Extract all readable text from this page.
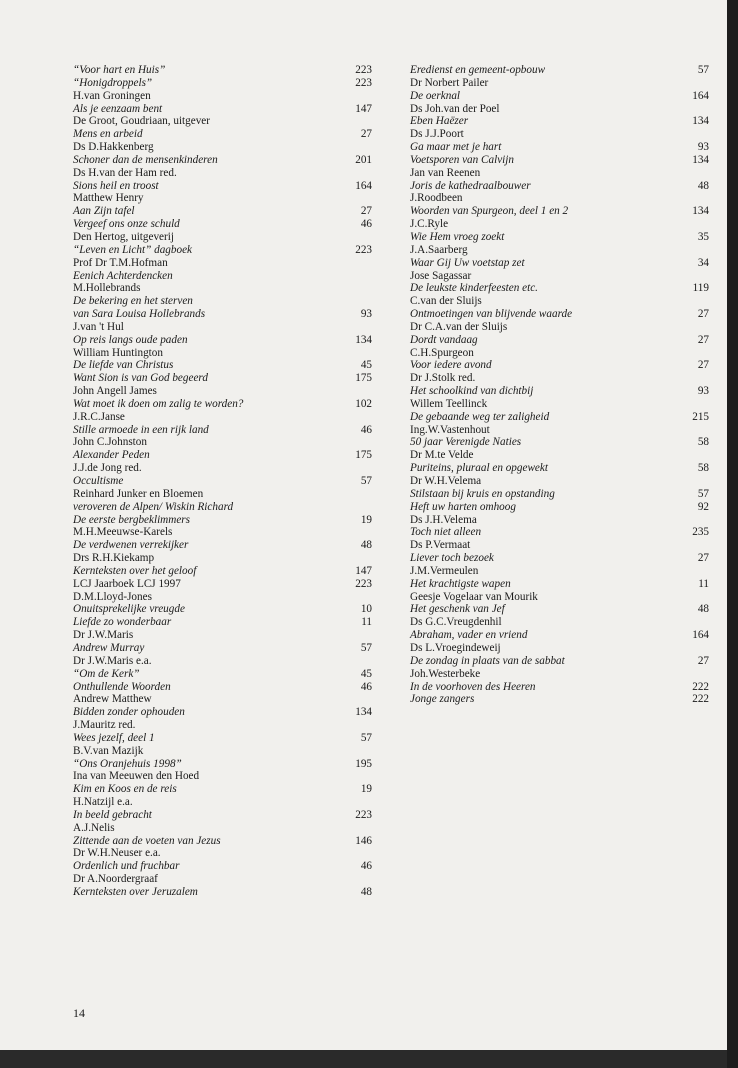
“Voor hart en Huis”	223
“Honigdroppels”	223
H.van Groningen
Als je eenzaam bent	147
De Groot, Goudriaan, uitgever
Mens en arbeid	27
Ds D.Hakkenberg
Schoner dan de mensenkinderen	201
Ds H.van der Ham red.
Sions heil en troost	164
Matthew Henry
Aan Zijn tafel	27
Vergeef ons onze schuld	46
Den Hertog, uitgeverij
“Leven en Licht” dagboek	223
Prof Dr T.M.Hofman
Eenich Achterdencken
M.Hollebrands
De bekering en het sterven
van Sara Louisa Hollebrands	93
J.van 't Hul
Op reis langs oude paden	134
William Huntington
De liefde van Christus	45
Want Sion is van God begeerd	175
John Angell James
Wat moet ik doen om zalig te worden?	102
J.R.C.Janse
Stille armoede in een rijk land	46
John C.Johnston
Alexander Peden	175
J.J.de Jong red.
Occultisme	57
Reinhard Junker en Bloemen
veroveren de Alpen/ Wiskin Richard
De eerste bergbeklimmers	19
M.H.Meeuwse-Karels
De verdwenen verrekijker	48
Drs R.H.Kiekamp
Kernteksten over het geloof	147
LCJ Jaarboek LCJ 1997	223
D.M.Lloyd-Jones
Onuitsprekelijke vreugde	10
Liefde zo wonderbaar	11
Dr J.W.Maris
Andrew Murray	57
Dr J.W.Maris e.a.
“Om de Kerk”	45
Onthullende Woorden	46
Andrew Matthew
Bidden zonder ophouden	134
J.Mauritz red.
Wees jezelf, deel 1	57
B.V.van Mazijk
“Ons Oranjehuis 1998”	195
Ina van Meeuwen den Hoed
Kim en Koos en de reis	19
H.Natzijl e.a.
In beeld gebracht	223
A.J.Nelis
Zittende aan de voeten van Jezus	146
Dr W.H.Neuser e.a.
Ordenlich und fruchbar	46
Dr A.Noordergraaf
Kernteksten over Jeruzalem	48
Eredienst en gemeent-opbouw	57
Dr Norbert Pailer
De oerknal	164
Ds Joh.van der Poel
Eben Haëzer	134
Ds J.J.Poort
Ga maar met je hart	93
Voetsporen van Calvijn	134
Jan van Reenen
Joris de kathedraalbouwer	48
J.Roodbeen
Woorden van Spurgeon, deel 1 en 2	134
J.C.Ryle
Wie Hem vroeg zoekt	35
J.A.Saarberg
Waar Gij Uw voetstap zet	34
Jose Sagassar
De leukste kinderfeesten etc.	119
C.van der Sluijs
Ontmoetingen van blijvende waarde	27
Dr C.A.van der Sluijs
Dordt vandaag	27
C.H.Spurgeon
Voor iedere avond	27
Dr J.Stolk red.
Het schoolkind van dichtbij	93
Willem Teellinck
De gebaande weg ter zaligheid	215
Ing.W.Vastenhout
50 jaar Verenigde Naties	58
Dr M.te Velde
Puriteins, pluraal en opgewekt	58
Dr W.H.Velema
Stilstaan bij kruis en opstanding	57
Heft uw harten omhoog	92
Ds J.H.Velema
Toch niet alleen	235
Ds P.Vermaat
Liever toch bezoek	27
J.M.Vermeulen
Het krachtigste wapen	11
Geesje Vogelaar van Mourik
Het geschenk van Jef	48
Ds G.C.Vreugdenhil
Abraham, vader en vriend	164
Ds L.Vroegindeweij
De zondag in plaats van de sabbat	27
Joh.Westerbeke
In de voorhoven des Heeren	222
Jonge zangers	222
14
